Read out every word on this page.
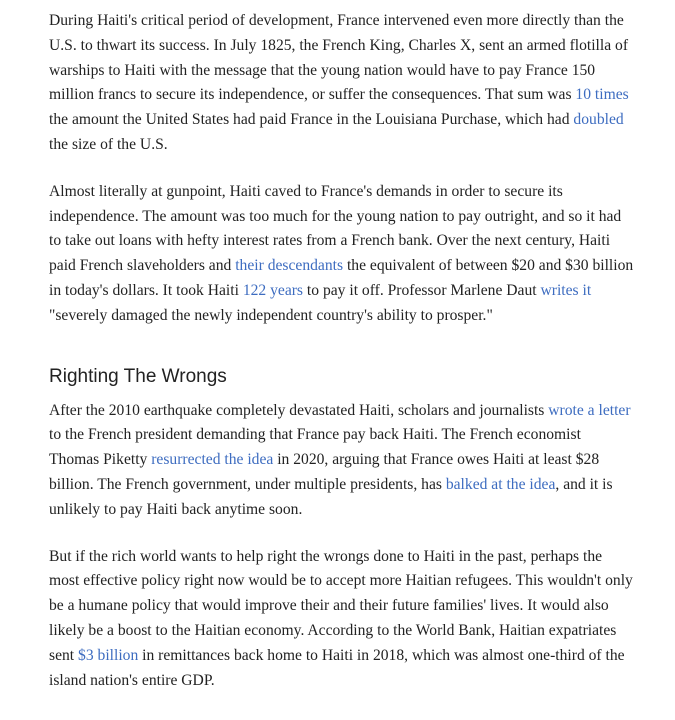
During Haiti's critical period of development, France intervened even more directly than the U.S. to thwart its success. In July 1825, the French King, Charles X, sent an armed flotilla of warships to Haiti with the message that the young nation would have to pay France 150 million francs to secure its independence, or suffer the consequences. That sum was 10 times the amount the United States had paid France in the Louisiana Purchase, which had doubled the size of the U.S.

Almost literally at gunpoint, Haiti caved to France's demands in order to secure its independence. The amount was too much for the young nation to pay outright, and so it had to take out loans with hefty interest rates from a French bank. Over the next century, Haiti paid French slaveholders and their descendants the equivalent of between $20 and $30 billion in today's dollars. It took Haiti 122 years to pay it off. Professor Marlene Daut writes it "severely damaged the newly independent country's ability to prosper."

Righting The Wrongs

After the 2010 earthquake completely devastated Haiti, scholars and journalists wrote a letter to the French president demanding that France pay back Haiti. The French economist Thomas Piketty resurrected the idea in 2020, arguing that France owes Haiti at least $28 billion. The French government, under multiple presidents, has balked at the idea, and it is unlikely to pay Haiti back anytime soon.

But if the rich world wants to help right the wrongs done to Haiti in the past, perhaps the most effective policy right now would be to accept more Haitian refugees. This wouldn't only be a humane policy that would improve their and their future families' lives. It would also likely be a boost to the Haitian economy. According to the World Bank, Haitian expatriates sent $3 billion in remittances back home to Haiti in 2018, which was almost one-third of the island nation's entire GDP.
